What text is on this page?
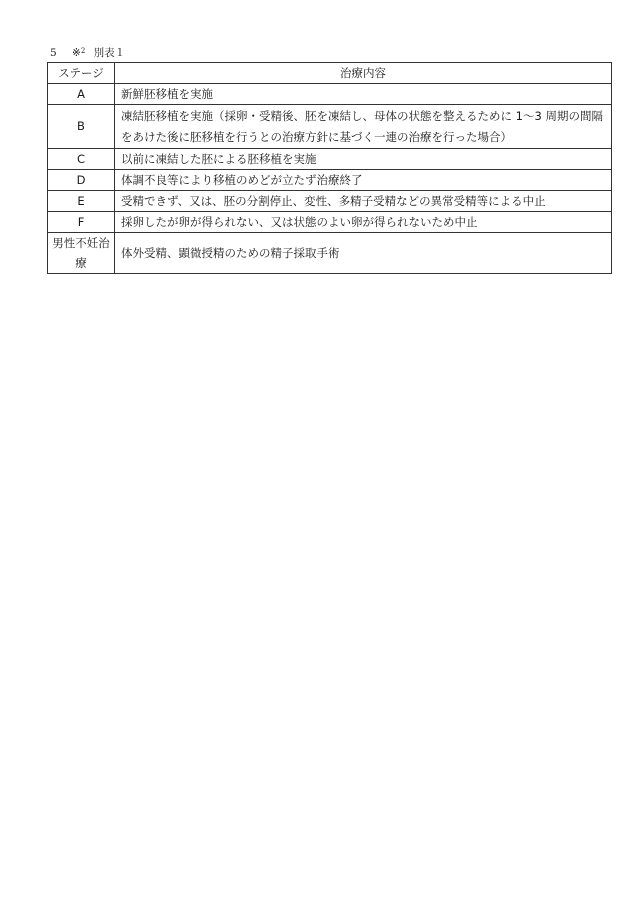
5 ※$^2$ 別表１
ステージ	治療内容
A	新鮮胚移植を実施
B	凍結胚移植を実施（採卵・受精後、胚を凍結し、母体の状態を整えるために 1～3 周期の間隔をあけた後に胚移植を行うとの治療方針に基づく一連の治療を行った場合）
C	以前に凍結した胚による胚移植を実施
D	体調不良等により移植のめどが立たず治療終了
E	受精できず、又は、胚の分割停止、変性、多精子受精などの異常受精等による中止
F	採卵したが卵が得られない、又は状態のよい卵が得られないため中止
男性不妊治療	体外受精、顕微授精のための精子採取手術
